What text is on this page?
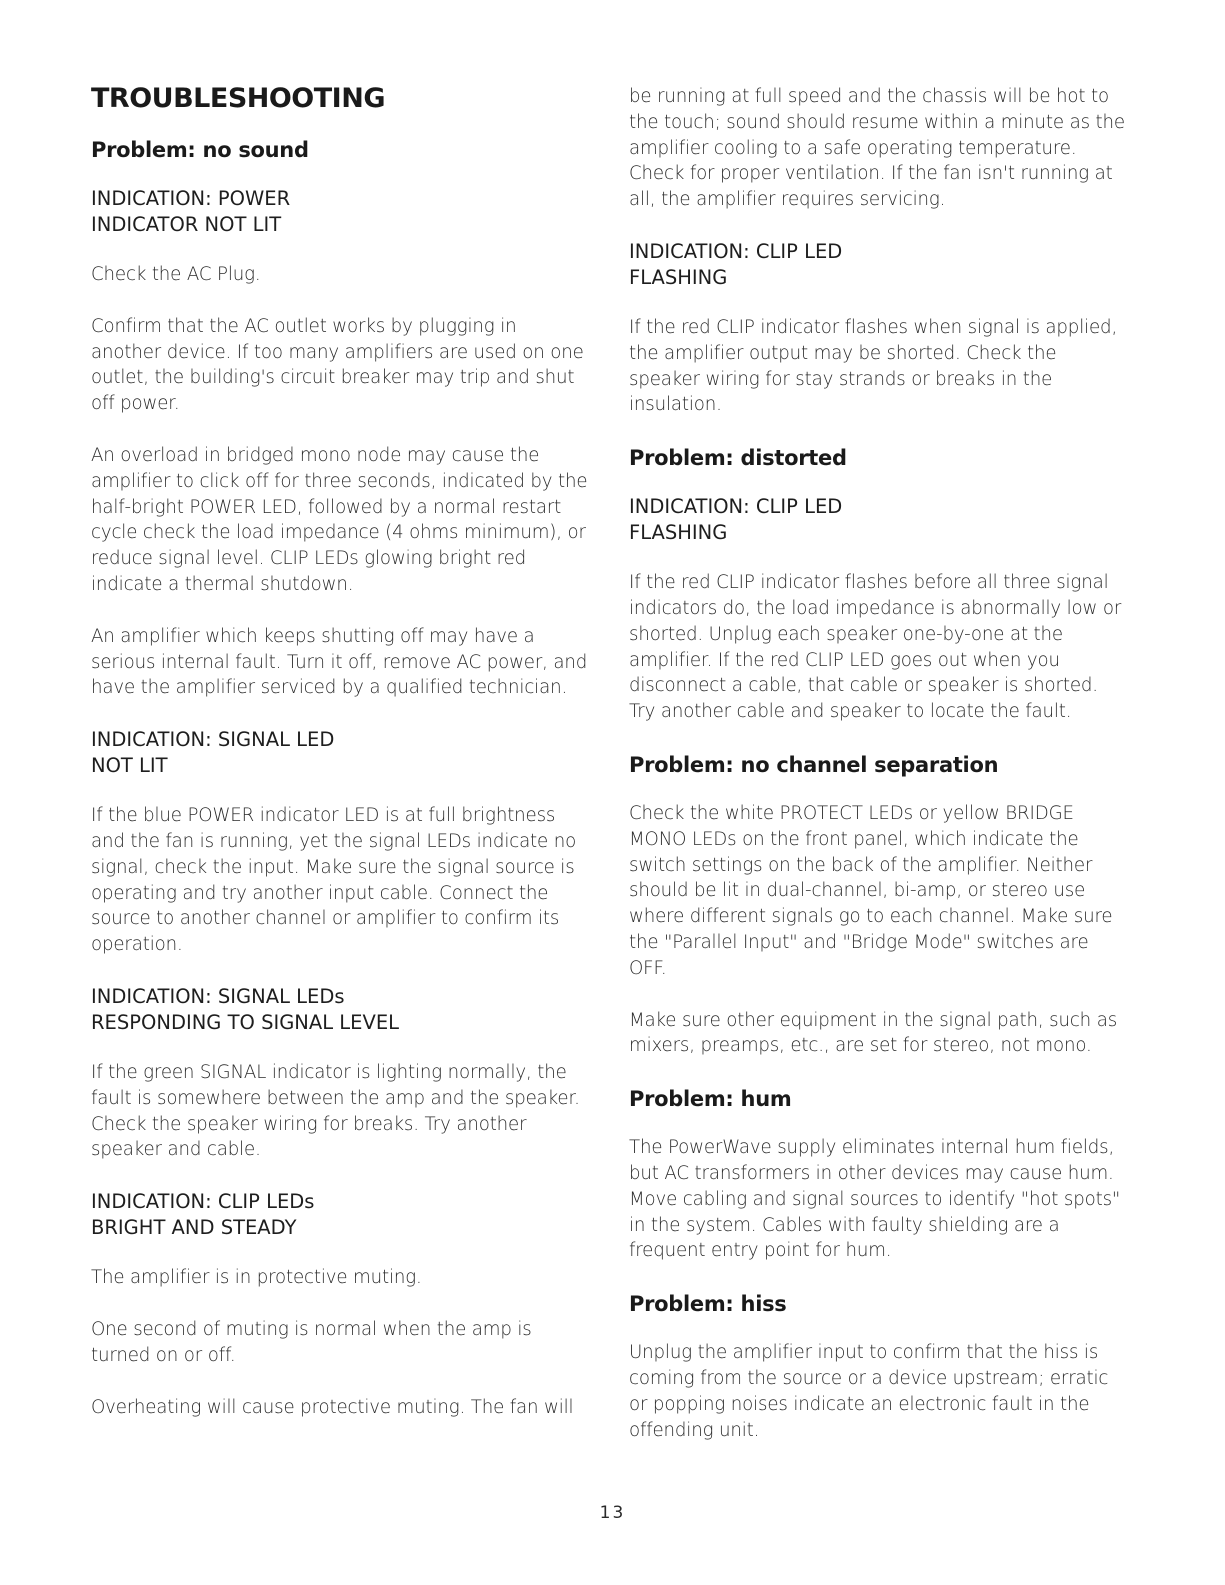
TROUBLESHOOTING
Problem: no sound
INDICATION: POWER
INDICATOR NOT LIT

Check the AC Plug.

Confirm that the AC outlet works by plugging in another device. If too many amplifiers are used on one outlet, the building's circuit breaker may trip and shut off power.

An overload in bridged mono node may cause the amplifier to click off for three seconds, indicated by the half-bright POWER LED, followed by a normal restart cycle check the load impedance (4 ohms minimum), or reduce signal level. CLIP LEDs glowing bright red indicate a thermal shutdown.

An amplifier which keeps shutting off may have a serious internal fault. Turn it off, remove AC power, and have the amplifier serviced by a qualified technician.

INDICATION: SIGNAL LED
NOT LIT

If the blue POWER indicator LED is at full brightness and the fan is running, yet the signal LEDs indicate no signal, check the input. Make sure the signal source is operating and try another input cable. Connect the source to another channel or amplifier to confirm its operation.

INDICATION: SIGNAL LEDs
RESPONDING TO SIGNAL LEVEL

If the green SIGNAL indicator is lighting normally, the fault is somewhere between the amp and the speaker. Check the speaker wiring for breaks. Try another speaker and cable.

INDICATION: CLIP LEDs
BRIGHT AND STEADY

The amplifier is in protective muting.

One second of muting is normal when the amp is turned on or off.

Overheating will cause protective muting. The fan will

be running at full speed and the chassis will be hot to the touch; sound should resume within a minute as the amplifier cooling to a safe operating temperature. Check for proper ventilation. If the fan isn't running at all, the amplifier requires servicing.

INDICATION: CLIP LED
FLASHING

If the red CLIP indicator flashes when signal is applied, the amplifier output may be shorted. Check the speaker wiring for stay strands or breaks in the insulation.

Problem: distorted
INDICATION: CLIP LED
FLASHING

If the red CLIP indicator flashes before all three signal indicators do, the load impedance is abnormally low or shorted. Unplug each speaker one-by-one at the amplifier. If the red CLIP LED goes out when you disconnect a cable, that cable or speaker is shorted. Try another cable and speaker to locate the fault.

Problem: no channel separation

Check the white PROTECT LEDs or yellow BRIDGE MONO LEDs on the front panel, which indicate the switch settings on the back of the amplifier. Neither should be lit in dual-channel, bi-amp, or stereo use where different signals go to each channel. Make sure the "Parallel Input" and "Bridge Mode" switches are OFF.

Make sure other equipment in the signal path, such as mixers, preamps, etc., are set for stereo, not mono.

Problem: hum

The PowerWave supply eliminates internal hum fields, but AC transformers in other devices may cause hum. Move cabling and signal sources to identify "hot spots" in the system. Cables with faulty shielding are a frequent entry point for hum.

Problem: hiss

Unplug the amplifier input to confirm that the hiss is coming from the source or a device upstream; erratic or popping noises indicate an electronic fault in the offending unit.

13
